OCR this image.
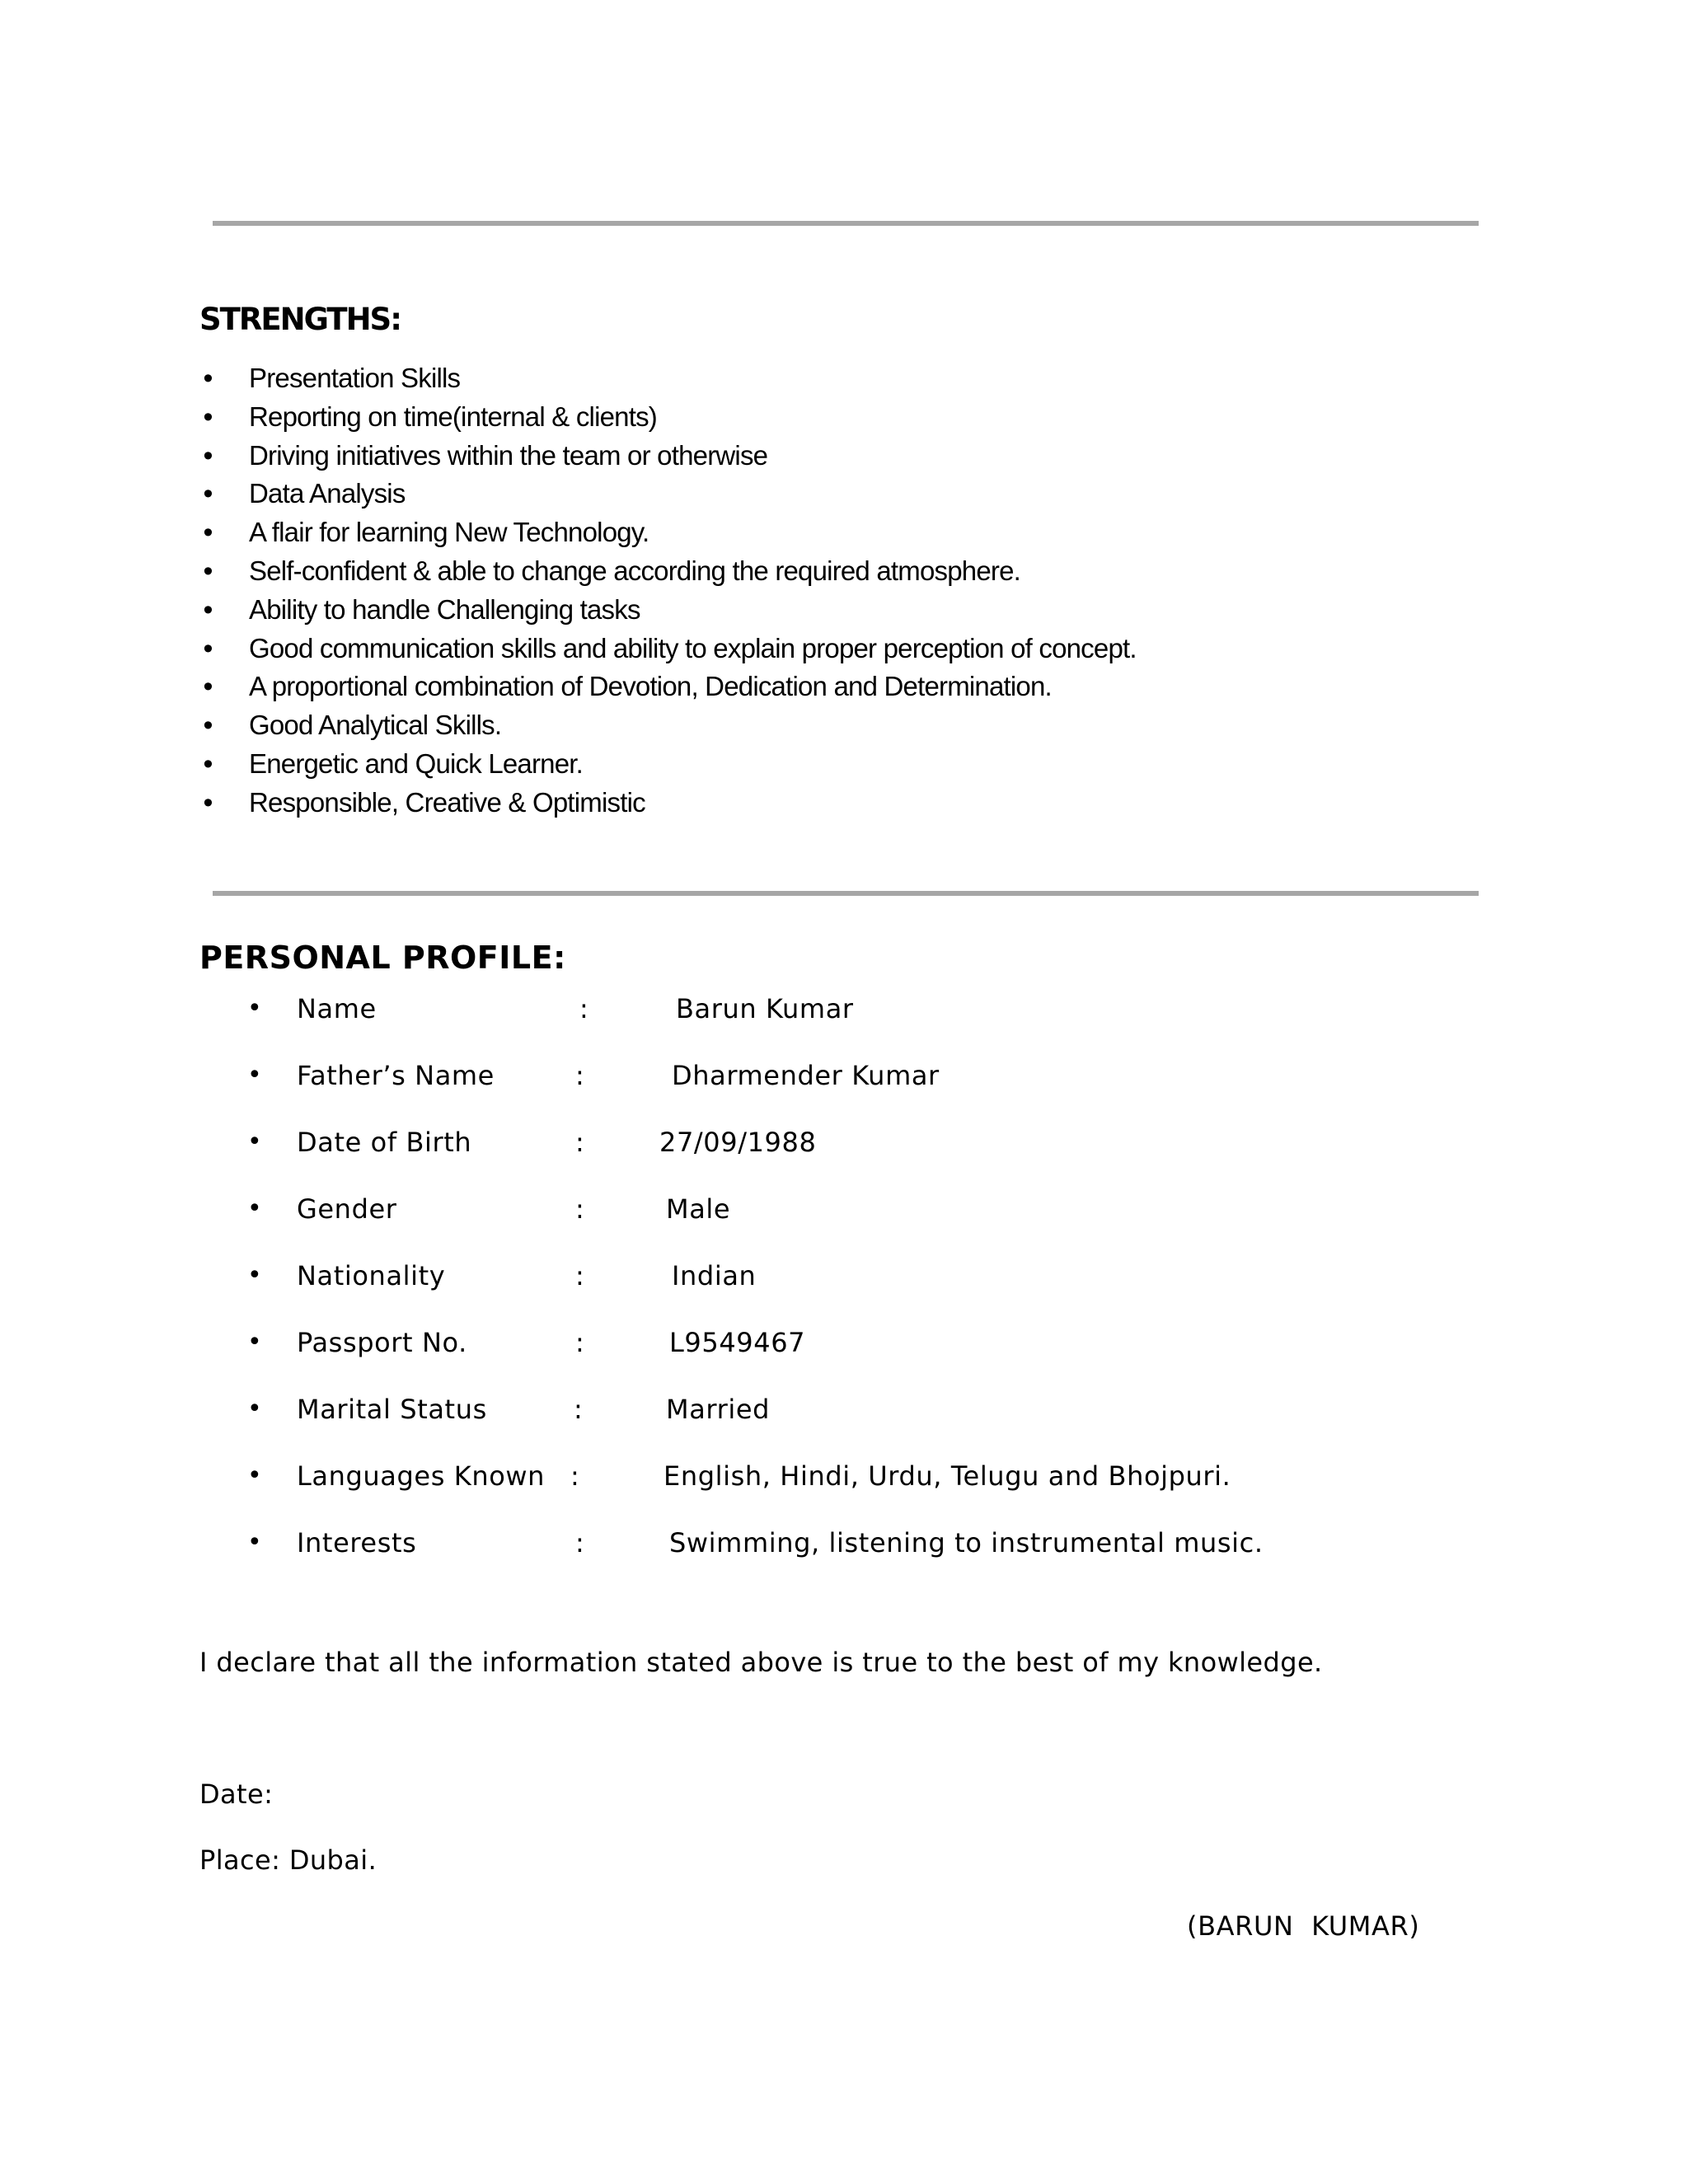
STRENGTHS:
• Presentation Skills
• Reporting on time(internal & clients)
• Driving initiatives within the team or otherwise
• Data Analysis
• A flair for learning New Technology.
• Self-confident & able to change according the required atmosphere.
• Ability to handle Challenging tasks
• Good communication skills and ability to explain proper perception of concept.
• A proportional combination of Devotion, Dedication and Determination.
• Good Analytical Skills.
• Energetic and Quick Learner.
• Responsible, Creative & Optimistic
PERSONAL PROFILE:
• Name	:	Barun Kumar
• Father’s Name	:	Dharmender Kumar
• Date of Birth	:	27/09/1988
• Gender	:	Male
• Nationality	:	Indian
• Passport No.	:	L9549467
• Marital Status	:	Married
• Languages Known :	English, Hindi, Urdu, Telugu and Bhojpuri.
• Interests	:	Swimming, listening to instrumental music.

I declare that all the information stated above is true to the best of my knowledge.

Date:

Place: Dubai.

(BARUN  KUMAR)
